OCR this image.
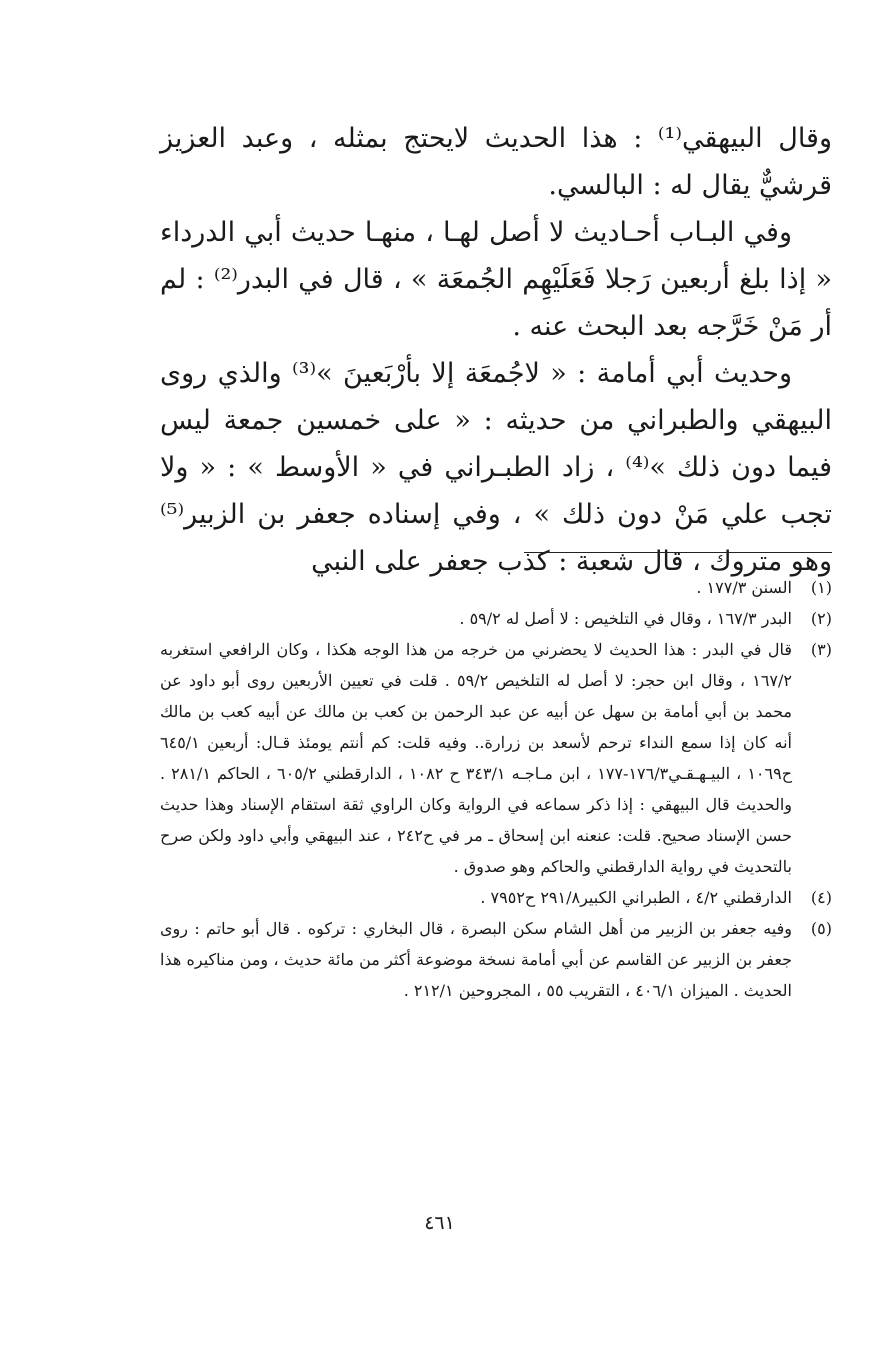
وقال البيهقي⁽¹⁾ : هذا الحديث لايحتج بمثله ، وعبد العزيز قرشيٌّ يقال له : البالسي.

وفي البـاب أحـاديث لا أصل لهـا ، منهـا حديث أبي الدرداء « إذا بلغ أربعين رَجلا فَعَلَيْهِم الجُمعَة » ، قال في البدر⁽²⁾ : لم أر مَنْ خَرَّجه بعد البحث عنه .

وحديث أبي أمامة : « لاجُمعَة إلا بأرْبَعينَ »⁽³⁾ والذي روى البيهقي والطبراني من حديثه : « على خمسين جمعة ليس فيما دون ذلك »⁽⁴⁾ ، زاد الطبـراني في « الأوسط » : « ولا تجب علي مَنْ دون ذلك » ، وفي إسناده جعفر بن الزبير⁽⁵⁾ وهو متروك ، قال شعبة : كذب جعفر على النبي

(١)
السنن ١٧٧/٣ .
(٢)
البدر ١٦٧/٣ ، وقال في التلخيص : لا أصل له ٥٩/٢ .
(٣)
قال في البدر : هذا الحديث لا يحضرني من خرجه من هذا الوجه هكذا ، وكان الرافعي استغربه ١٦٧/٢ ، وقال ابن حجر: لا أصل له التلخيص ٥٩/٢ . قلت في تعيين الأربعين روى أبو داود عن محمد بن أبي أمامة بن سهل عن أبيه عن عبد الرحمن بن كعب بن مالك عن أبيه كعب بن مالك أنه كان إذا سمع النداء ترحم لأسعد بن زرارة.. وفيه قلت: كم أنتم يومئذ قـال: أربعين ٦٤٥/١ ح١٠٦٩ ، البيـهـقـي١٧٦/٣-١٧٧ ، ابن مـاجـه ٣٤٣/١ ح ١٠٨٢ ، الدارقطني ٦٠٥/٢ ، الحاكم ٢٨١/١ . والحديث قال البيهقي : إذا ذكر سماعه في الرواية وكان الراوي ثقة استقام الإسناد وهذا حديث حسن الإسناد صحيح. قلت: عنعنه ابن إسحاق ـ مر في ح٢٤٢ ، عند البيهقي وأبي داود ولكن صرح بالتحديث في رواية الدارقطني والحاكم وهو صدوق .
(٤)
الدارقطني ٤/٢ ، الطبراني الكبير٢٩١/٨ ح٧٩٥٢ .
(٥)
وفيه جعفر بن الزبير من أهل الشام سكن البصرة ، قال البخاري : تركوه . قال أبو حاتم : روى جعفر بن الزبير عن القاسم عن أبي أمامة نسخة موضوعة أكثر من مائة حديث ، ومن مناكيره هذا الحديث . الميزان ٤٠٦/١ ، التقريب ٥٥ ، المجروحين ٢١٢/١ .
٤٦١
